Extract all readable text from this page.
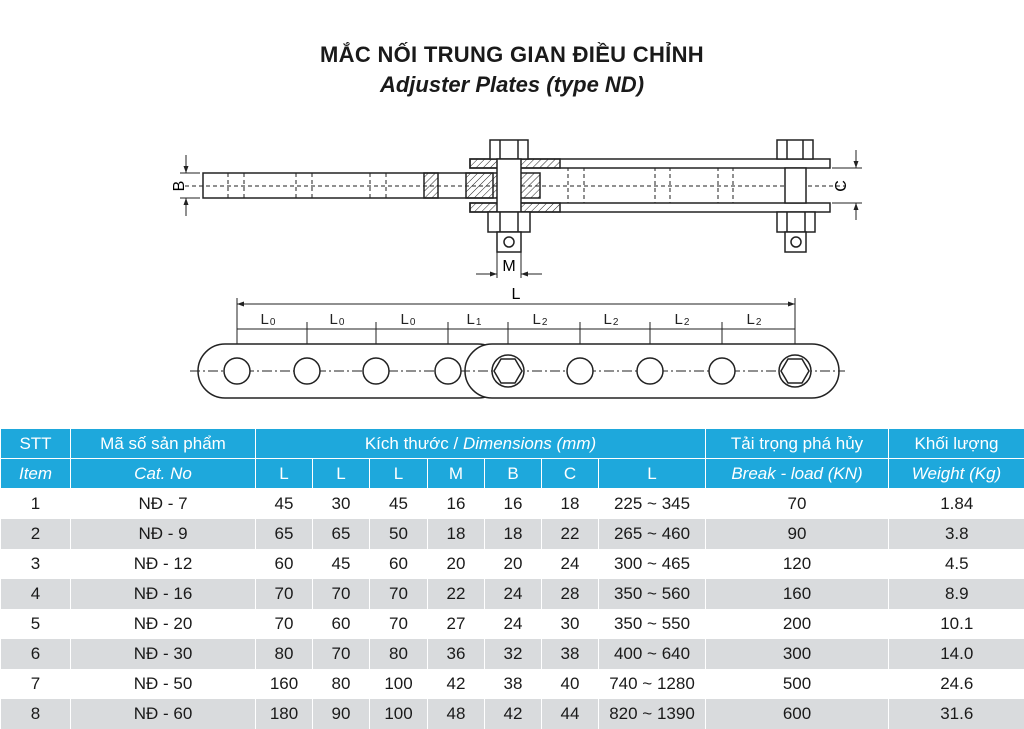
MẮC NỐI TRUNG GIAN ĐIỀU CHỈNH
Adjuster Plates (type ND)
B	C
M
L
L0	L0	L0	L1	L2	L2	L2	L2
STT	Mã số sản phẩm	Kích thước / Dimensions (mm)							Tải trọng phá hủy	Khối lượng
Item	Cat. No	L	L	L	M	B	C	L	Break - load (KN)	Weight (Kg)
1	NĐ - 7	45	30	45	16	16	18	225 ~ 345	70	1.84
2	NĐ - 9	65	65	50	18	18	22	265 ~ 460	90	3.8
3	NĐ - 12	60	45	60	20	20	24	300 ~ 465	120	4.5
4	NĐ - 16	70	70	70	22	24	28	350 ~ 560	160	8.9
5	NĐ - 20	70	60	70	27	24	30	350 ~ 550	200	10.1
6	NĐ - 30	80	70	80	36	32	38	400 ~ 640	300	14.0
7	NĐ - 50	160	80	100	42	38	40	740 ~ 1280	500	24.6
8	NĐ - 60	180	90	100	48	42	44	820 ~ 1390	600	31.6
